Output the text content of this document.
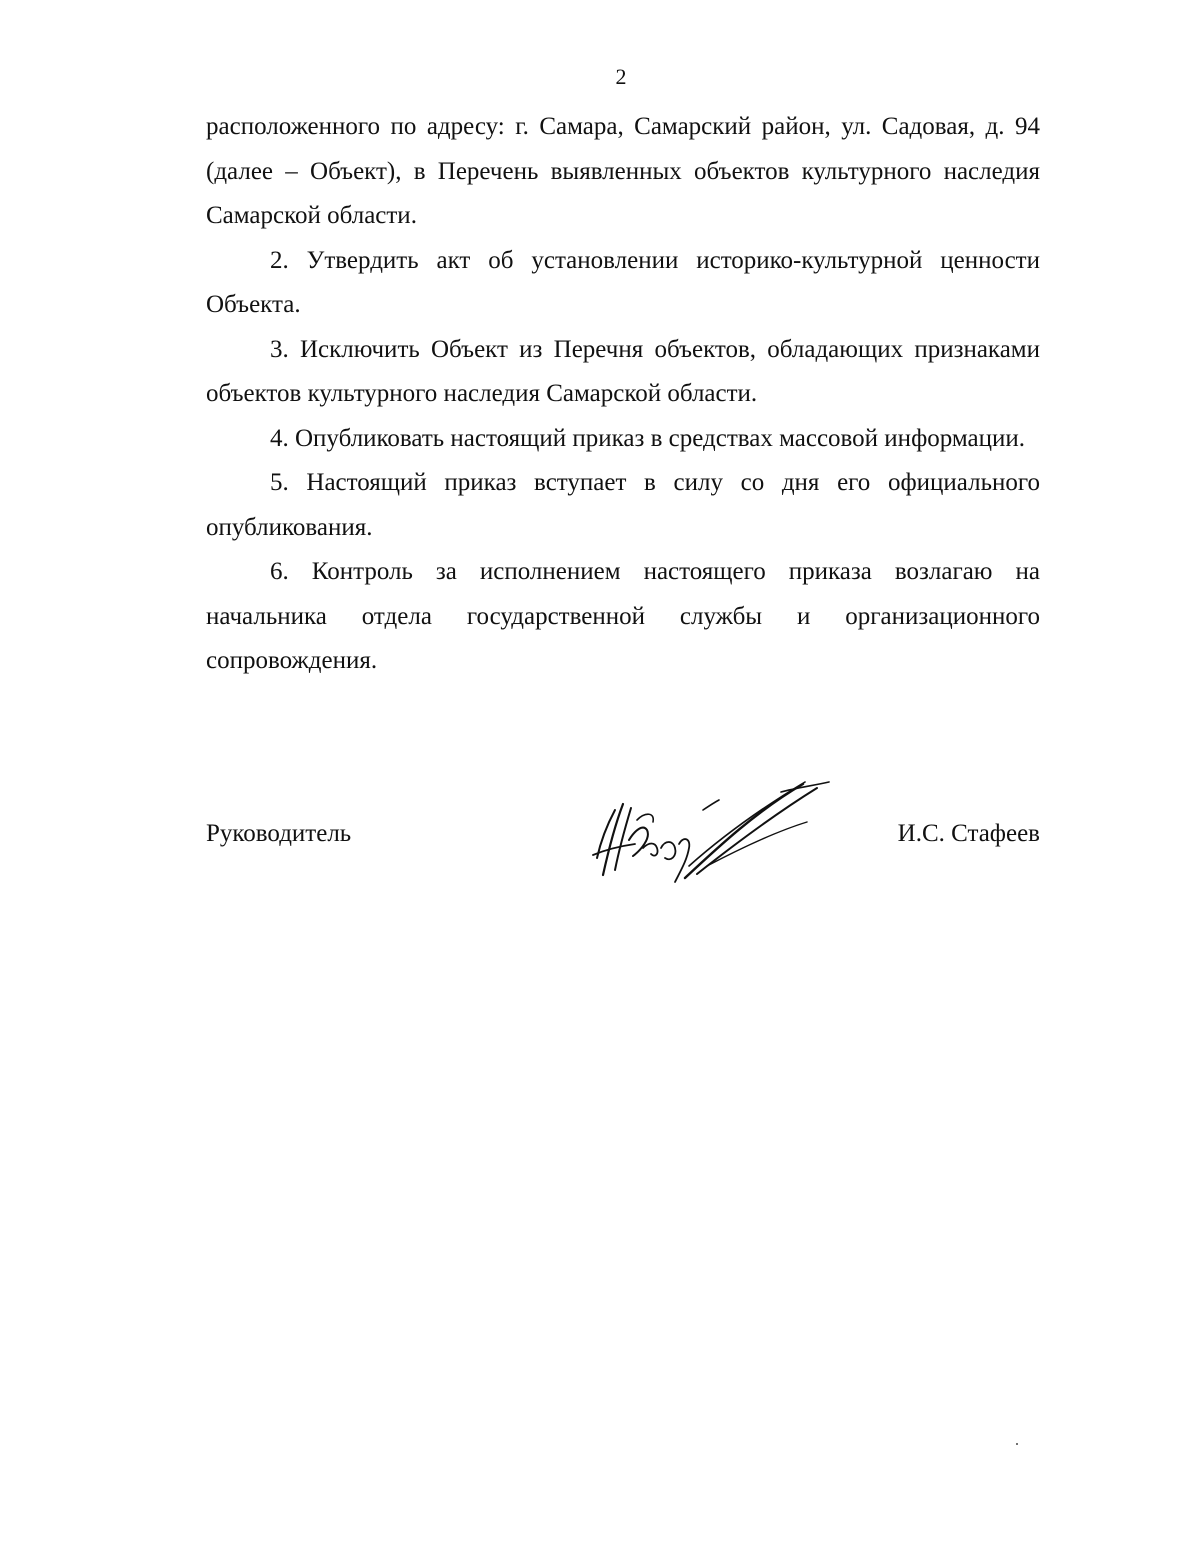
2

расположенного по адресу: г. Самара, Самарский район, ул. Садовая, д. 94 (далее – Объект), в Перечень выявленных объектов культурного наследия Самарской области.

2. Утвердить акт об установлении историко-культурной ценности Объекта.

3. Исключить Объект из Перечня объектов, обладающих признаками объектов культурного наследия Самарской области.

4. Опубликовать настоящий приказ в средствах массовой информации.

5. Настоящий приказ вступает в силу со дня его официального опубликования.

6. Контроль за исполнением настоящего приказа возлагаю на начальника отдела государственной службы и организационного сопровождения.

Руководитель	И.С. Стафеев
